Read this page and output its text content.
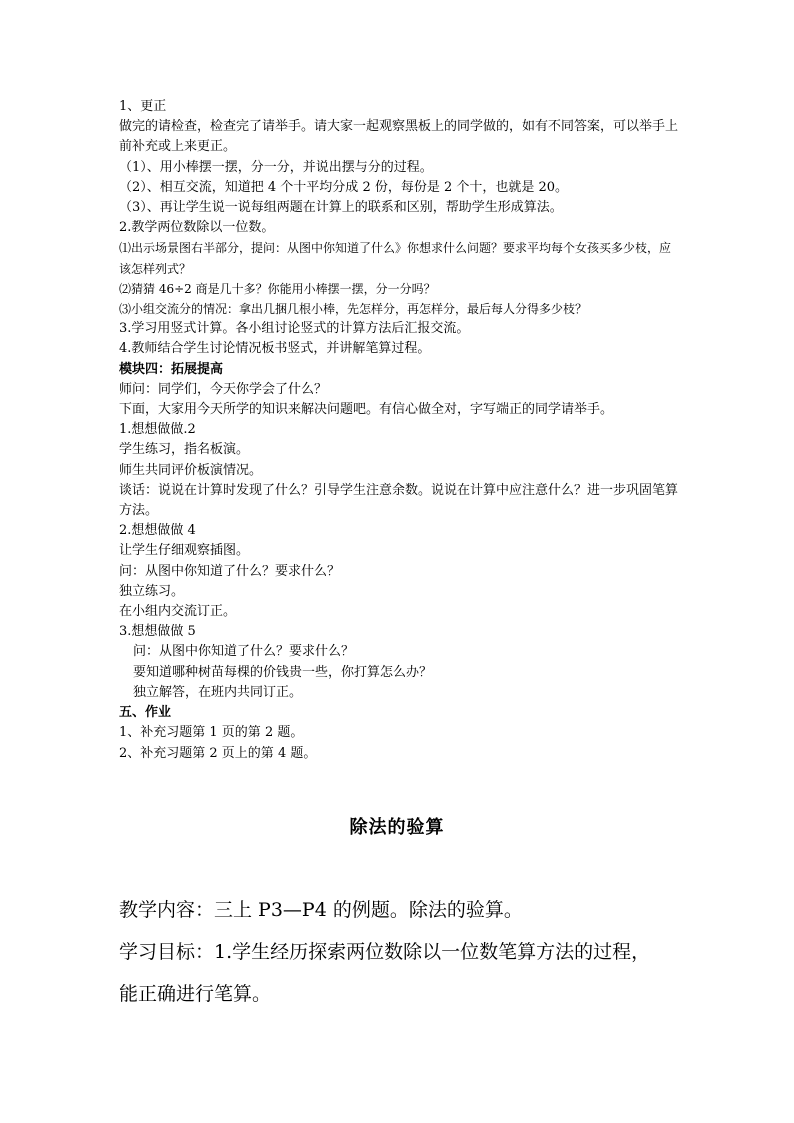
1、更正
做完的请检查，检查完了请举手。请大家一起观察黑板上的同学做的，如有不同答案，可以举手上前补充或上来更正。
（1）、用小棒摆一摆，分一分，并说出摆与分的过程。
（2）、相互交流，知道把 4 个十平均分成 2 份，每份是 2 个十，也就是 20。
（3）、再让学生说一说每组两题在计算上的联系和区别，帮助学生形成算法。
2.教学两位数除以一位数。
⑴出示场景图右半部分，提问：从图中你知道了什么》你想求什么问题？要求平均每个女孩买多少枝，应该怎样列式？
⑵猜猜 46÷2 商是几十多？你能用小棒摆一摆，分一分吗？
⑶小组交流分的情况：拿出几捆几根小棒，先怎样分，再怎样分，最后每人分得多少枝？
3.学习用竖式计算。各小组讨论竖式的计算方法后汇报交流。
4.教师结合学生讨论情况板书竖式，并讲解笔算过程。
模块四：拓展提高
师问：同学们，今天你学会了什么？
下面，大家用今天所学的知识来解决问题吧。有信心做全对，字写端正的同学请举手。
1.想想做做.2
学生练习，指名板演。
师生共同评价板演情况。
谈话：说说在计算时发现了什么？引导学生注意余数。说说在计算中应注意什么？进一步巩固笔算方法。
2.想想做做 4
让学生仔细观察插图。
问：从图中你知道了什么？要求什么？
独立练习。
在小组内交流订正。
3.想想做做 5
问：从图中你知道了什么？要求什么？
要知道哪种树苗每棵的价钱贵一些，你打算怎么办？
独立解答，在班内共同订正。
五、作业
1、补充习题第 1 页的第 2 题。
2、补充习题第 2 页上的第 4 题。
除法的验算
教学内容：三上 P3—P4 的例题。除法的验算。
学习目标：1.学生经历探索两位数除以一位数笔算方法的过程，
能正确进行笔算。
